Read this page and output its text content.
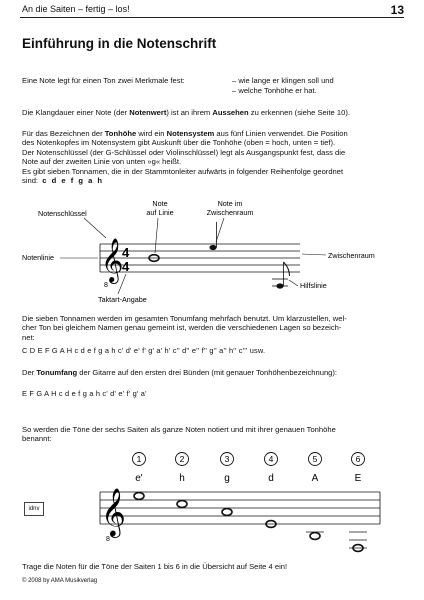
An die Saiten – fertig – los!	13
Einführung in die Notenschrift
Eine Note legt für einen Ton zwei Merkmale fest:	– wie lange er klingen soll und
– welche Tonhöhe er hat.
Die Klangdauer einer Note (der Notenwert) ist an ihrem Aussehen zu erkennen (siehe Seite 10).
Für das Bezeichnen der Tonhöhe wird ein Notensystem aus fünf Linien verwendet. Die Position
des Notenkopfes im Notensystem gibt Auskunft über die Tonhöhe (oben = hoch, unten = tief).
Der Notenschlüssel (der G-Schlüssel oder Violinschlüssel) legt als Ausgangspunkt fest, dass die
Note auf der zweiten Linie von unten »g« heißt.
Es gibt sieben Tonnamen, die in der Stammtonleiter aufwärts in folgender Reihenfolge geordnet
sind: c d e f g a h
𝄞
8
4
4
Notenschlüssel
Note
auf Linie
Note im
Zwischenraum
Notenlinie	Zwischenraum
Hilfslinie
Taktart-Angabe
Die sieben Tonnamen werden im gesamten Tonumfang mehrfach benutzt. Um klarzustellen, wel-
cher Ton bei gleichem Namen genau gemeint ist, werden die verschiedenen Lagen so bezeich-
net:
C D E F G A H c d e f g a h c' d' e' f' g' a' h' c'' d'' e'' f'' g'' a'' h'' c''' usw.
Der Tonumfang der Gitarre auf den ersten drei Bünden (mit genauer Tonhöhenbezeichnung):
E F G A H c d e f g a h c' d' e' f' g' a'
So werden die Töne der sechs Saiten als ganze Noten notiert und mit ihrer genauen Tonhöhe
benannt:
1	2	3	4	5	6
e'	h	g	d	A	E
𝄞
8
idnv
Trage die Noten für die Töne der Saiten 1 bis 6 in die Übersicht auf Seite 4 ein!
© 2008 by AMA Musikverlag
